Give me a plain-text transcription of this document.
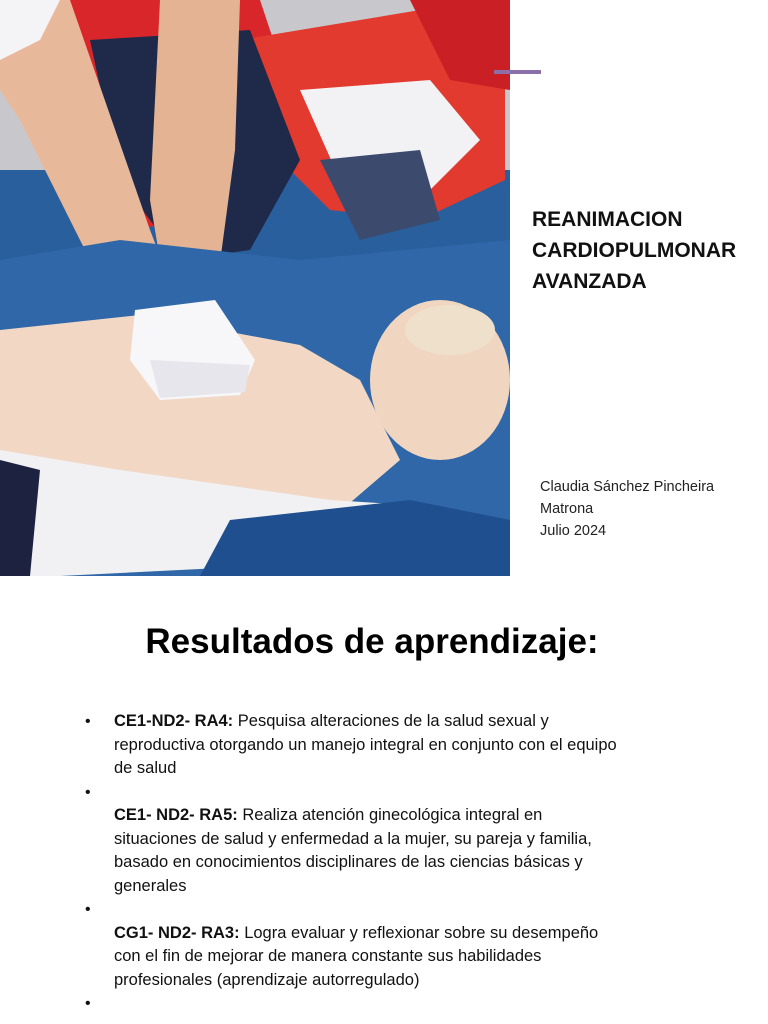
REANIMACION
CARDIOPULMONAR
AVANZADA
Claudia Sánchez Pincheira
Matrona
Julio 2024
Resultados de aprendizaje:
• CE1-ND2- RA4: Pesquisa alteraciones de la salud sexual y reproductiva otorgando un manejo integral en conjunto con el equipo de salud
•
CE1- ND2- RA5: Realiza atención ginecológica integral en situaciones de salud y enfermedad a la mujer, su pareja y familia, basado en conocimientos disciplinares de las ciencias básicas y generales
•
CG1- ND2- RA3: Logra evaluar y reflexionar sobre su desempeño con el fin de mejorar de manera constante sus habilidades profesionales (aprendizaje autorregulado)
•
